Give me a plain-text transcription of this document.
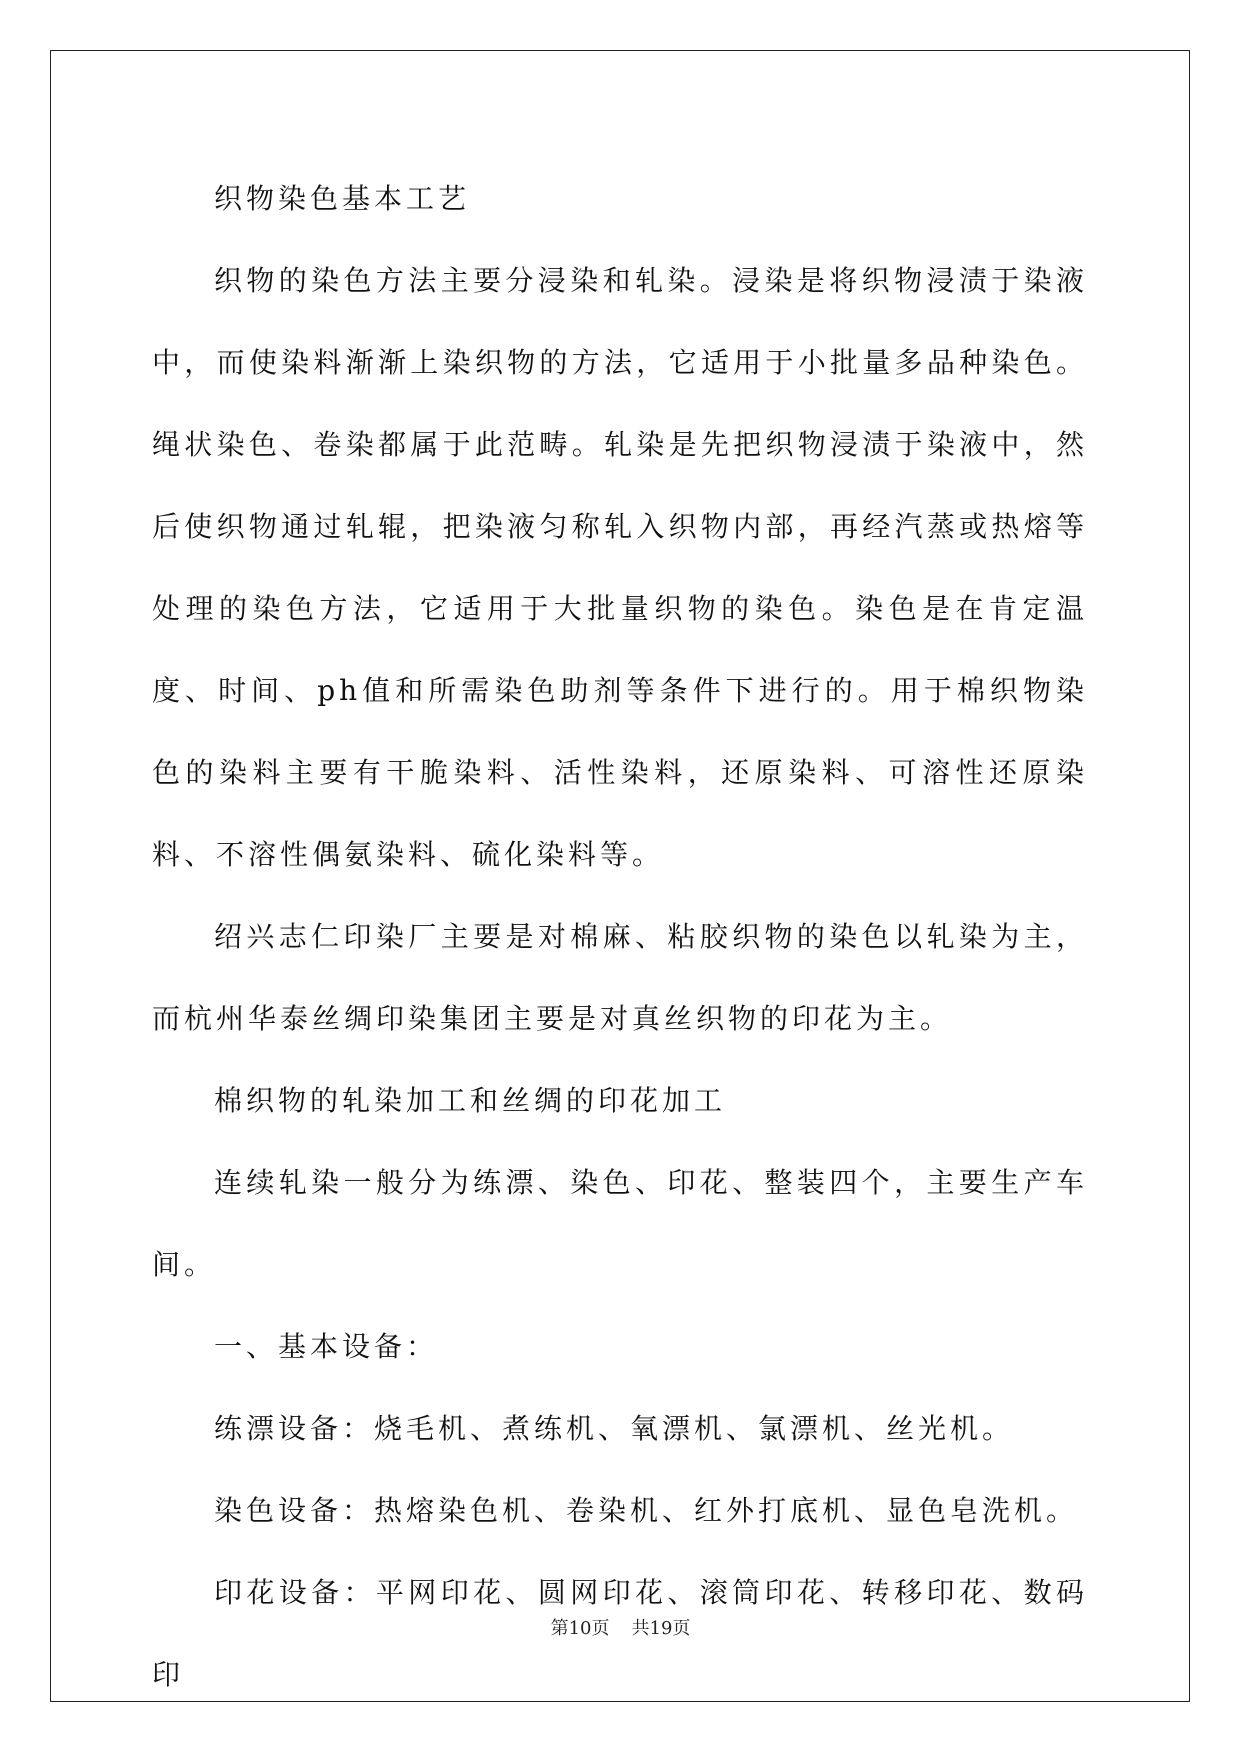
织物染色基本工艺

织物的染色方法主要分浸染和轧染。浸染是将织物浸渍于染液中，而使染料渐渐上染织物的方法，它适用于小批量多品种染色。绳状染色、卷染都属于此范畴。轧染是先把织物浸渍于染液中，然后使织物通过轧辊，把染液匀称轧入织物内部，再经汽蒸或热熔等处理的染色方法，它适用于大批量织物的染色。染色是在肯定温度、时间、ph值和所需染色助剂等条件下进行的。用于棉织物染色的染料主要有干脆染料、活性染料，还原染料、可溶性还原染料、不溶性偶氨染料、硫化染料等。

绍兴志仁印染厂主要是对棉麻、粘胶织物的染色以轧染为主，而杭州华泰丝绸印染集团主要是对真丝织物的印花为主。

棉织物的轧染加工和丝绸的印花加工

连续轧染一般分为练漂、染色、印花、整装四个，主要生产车间。

一、基本设备：

练漂设备：烧毛机、煮练机、氧漂机、氯漂机、丝光机。

染色设备：热熔染色机、卷染机、红外打底机、显色皂洗机。

印花设备：平网印花、圆网印花、滚筒印花、转移印花、数码印

第10页 共19页
